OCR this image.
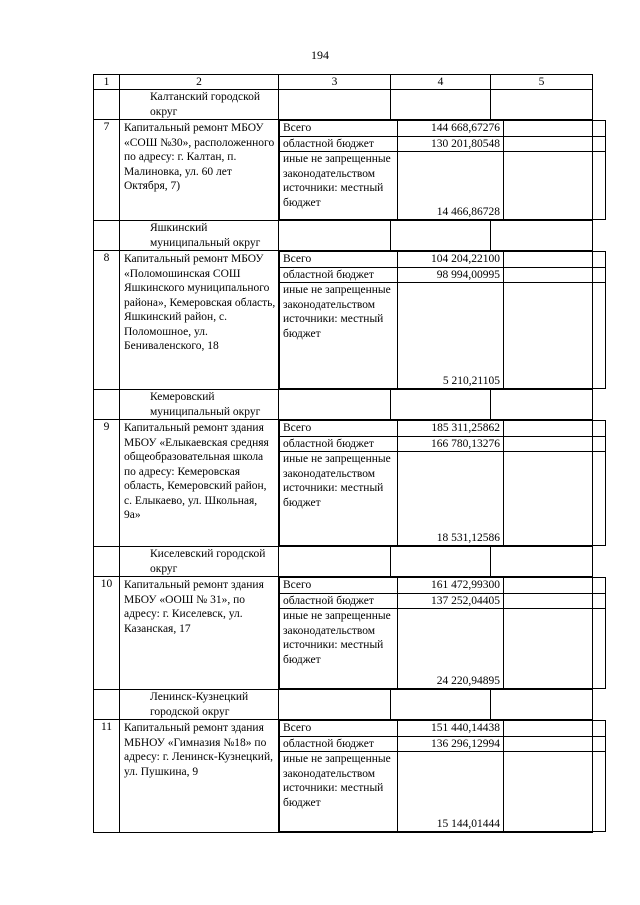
194
1	2	3	4	5

Калтанский городской округ

7	Капитальный ремонт МБОУ «СОШ №30», расположенного по адресу: г. Калтан, п. Малиновка, ул. 60 лет Октября, 7)

Всего	144 668,67276	
областной бюджет	130 201,80548	
иные не запрещенные законодательством источники: местный бюджет	14 466,86728	

Яшкинский муниципальный округ

8	Капитальный ремонт МБОУ «Поломошинская СОШ Яшкинского муниципального района», Кемеровская область, Яшкинский район, с. Поломошное, ул. Бениваленского, 18

Всего	104 204,22100	
областной бюджет	98 994,00995	
иные не запрещенные законодательством источники: местный бюджет	5 210,21105	

Кемеровский муниципальный округ

9	Капитальный ремонт здания МБОУ «Елыкаевская средняя общеобразовательная школа по адресу: Кемеровская область, Кемеровский район, с. Елыкаево, ул. Школьная, 9а»

Всего	185 311,25862	
областной бюджет	166 780,13276	
иные не запрещенные законодательством источники: местный бюджет	18 531,12586	

Киселевский городской округ

10	Капитальный ремонт здания МБОУ «ООШ № 31», по адресу: г. Киселевск, ул. Казанская, 17

Всего	161 472,99300	
областной бюджет	137 252,04405	
иные не запрещенные законодательством источники: местный бюджет	24 220,94895	

Ленинск-Кузнецкий городской округ

11	Капитальный ремонт здания МБНОУ «Гимназия №18» по адресу: г. Ленинск-Кузнецкий, ул. Пушкина, 9

Всего	151 440,14438	
областной бюджет	136 296,12994	
иные не запрещенные законодательством источники: местный бюджет	15 144,01444	
